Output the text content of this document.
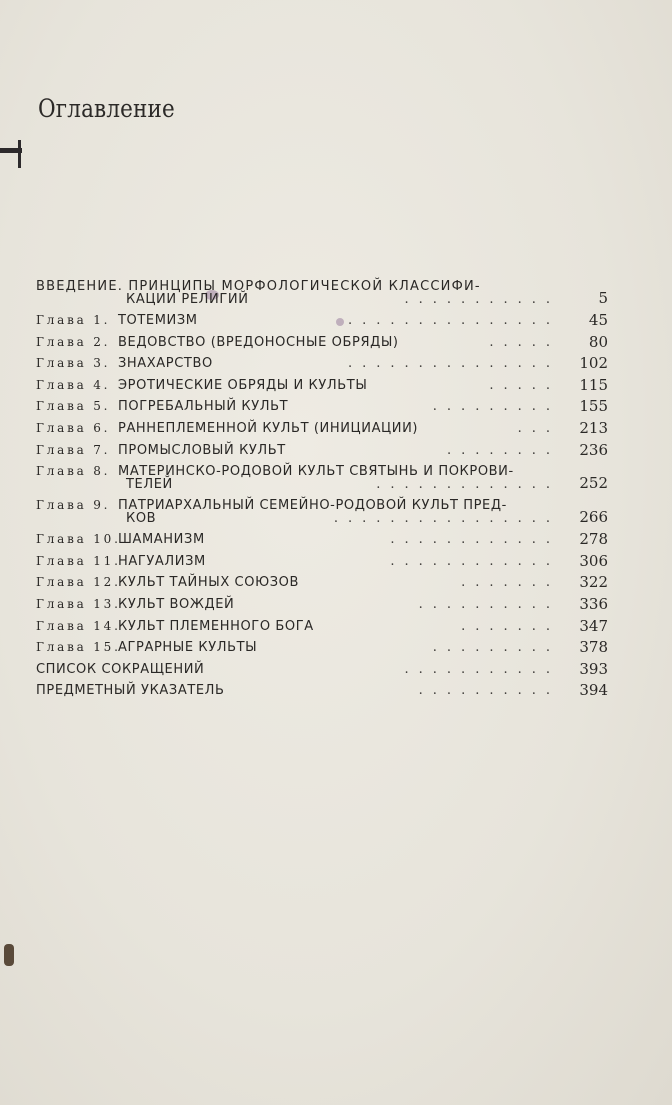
Оглавление
ВВЕДЕНИЕ. ПРИНЦИПЫ МОРФОЛОГИЧЕСКОЙ КЛАССИФИ-
КАЦИИ РЕЛИГИЙ	...........	5
Глава 1. ТОТЕМИЗМ	...............	45
Глава 2. ВЕДОВСТВО (ВРЕДОНОСНЫЕ ОБРЯДЫ)	.....	80
Глава 3. ЗНАХАРСТВО	...............	102
Глава 4. ЭРОТИЧЕСКИЕ ОБРЯДЫ И КУЛЬТЫ	.....	115
Глава 5. ПОГРЕБАЛЬНЫЙ КУЛЬТ	.........	155
Глава 6. РАННЕПЛЕМЕННОЙ КУЛЬТ (ИНИЦИАЦИИ)	...	213
Глава 7. ПРОМЫСЛОВЫЙ КУЛЬТ	........	236
Глава 8. МАТЕРИНСКО-РОДОВОЙ КУЛЬТ СВЯТЫНЬ И ПОКРОВИ-
ТЕЛЕЙ	.............	252
Глава 9. ПАТРИАРХАЛЬНЫЙ СЕМЕЙНО-РОДОВОЙ КУЛЬТ ПРЕД-
КОВ	................	266
Глава 10.ШАМАНИЗМ	............	278
Глава 11.НАГУАЛИЗМ	............	306
Глава 12.КУЛЬТ ТАЙНЫХ СОЮЗОВ	.......	322
Глава 13.КУЛЬТ ВОЖДЕЙ	..........	336
Глава 14.КУЛЬТ ПЛЕМЕННОГО БОГА	.......	347
Глава 15.АГРАРНЫЕ КУЛЬТЫ	.........	378
СПИСОК СОКРАЩЕНИЙ	...........	393
ПРЕДМЕТНЫЙ УКАЗАТЕЛЬ	..........	394
